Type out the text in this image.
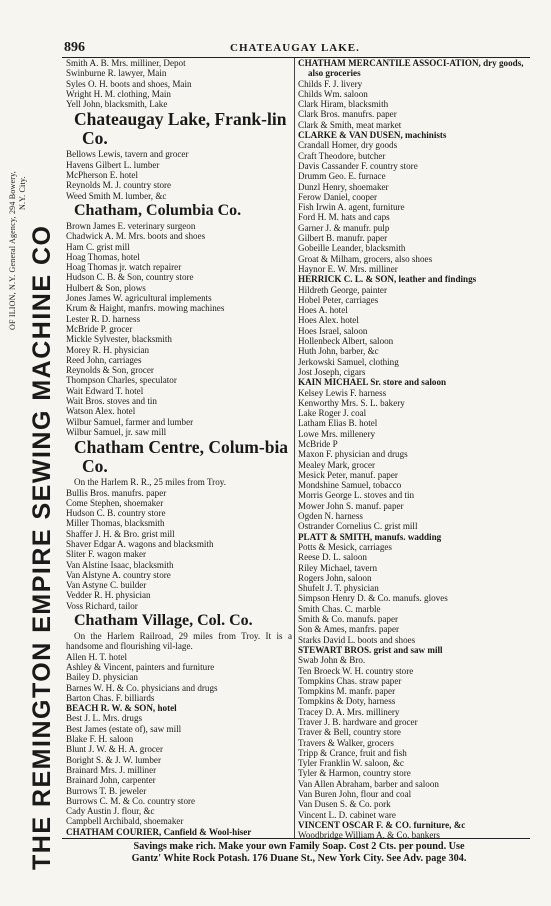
896	CHATEAUGAY LAKE.
THE REMINGTON EMPIRE SEWING MACHINE CO
OF ILION, N.Y. General Agency, 294 Bowery, N.Y. City.
Smith A. B. Mrs. milliner, Depot
Swinburne R. lawyer, Main
Syles O. H. boots and shoes, Main
Wright H. M. clothing, Main
Yell John, blacksmith, Lake
Chateaugay Lake, Frank-lin Co.
Bellows Lewis, tavern and grocer
Havens Gilbert L. lumber
McPherson E. hotel
Reynolds M. J. country store
Weed Smith M. lumber, &c
Chatham, Columbia Co.
Brown James E. veterinary surgeon
Chadwick A. M. Mrs. boots and shoes
Ham C. grist mill
Hoag Thomas, hotel
Hoag Thomas jr. watch repairer
Hudson C. B. & Son, country store
Hulbert & Son, plows
Jones James W. agricultural implements
Krum & Haight, manfrs. mowing machines
Lester R. D. harness
McBride P. grocer
Mickle Sylvester, blacksmith
Morey R. H. physician
Reed John, carriages
Reynolds & Son, grocer
Thompson Charles, speculator
Wait Edward T. hotel
Wait Bros. stoves and tin
Watson Alex. hotel
Wilbur Samuel, farmer and lumber
Wilbur Samuel, jr. saw mill
Chatham Centre, Colum-bia Co.
On the Harlem R. R., 25 miles from Troy.
Bullis Bros. manufrs. paper
Come Stephen, shoemaker
Hudson C. B. country store
Miller Thomas, blacksmith
Shaffer J. H. & Bro. grist mill
Shaver Edgar A. wagons and blacksmith
Sliter F. wagon maker
Van Alstine Isaac, blacksmith
Van Alstyne A. country store
Van Astyne C. builder
Vedder R. H. physician
Voss Richard, tailor
Chatham Village, Col. Co.
On the Harlem Railroad, 29 miles from Troy. It is a handsome and flourishing vil-lage.
Allen H. T. hotel
Ashley & Vincent, painters and furniture
Bailey D. physician
Barnes W. H. & Co. physicians and drugs
Barton Chas. F. billiards
BEACH R. W. & SON, hotel
Best J. L. Mrs. drugs
Best James (estate of), saw mill
Blake F. H. saloon
Blunt J. W. & H. A. grocer
Boright S. & J. W. lumber
Brainard Mrs. J. milliner
Brainard John, carpenter
Burrows T. B. jeweler
Burrows C. M. & Co. country store
Cady Austin J. flour, &c
Campbell Archibald, shoemaker
CHATHAM COURIER, Canfield & Wool-hiser
CHATHAM MERCANTILE ASSOCI-ATION, dry goods, also groceries
Childs F. J. livery
Childs Wm. saloon
Clark Hiram, blacksmith
Clark Bros. manufrs. paper
Clark & Smith, meat market
CLARKE & VAN DUSEN, machinists
Crandall Homer, dry goods
Craft Theodore, butcher
Davis Cassander F. country store
Drumm Geo. E. furnace
Dunzl Henry, shoemaker
Ferow Daniel, cooper
Fish Irwin A. agent, furniture
Ford H. M. hats and caps
Garner J. & manufr. pulp
Gilbert B. manufr. paper
Gobeille Leander, blacksmith
Groat & Milham, grocers, also shoes
Haynor E. W. Mrs. milliner
HERRICK C. L. & SON, leather and findings
Hildreth George, painter
Hobel Peter, carriages
Hoes A. hotel
Hoes Alex. hotel
Hoes Israel, saloon
Hollenbeck Albert, saloon
Huth John, barber, &c
Jerkowski Samuel, clothing
Jost Joseph, cigars
KAIN MICHAEL Sr. store and saloon
Kelsey Lewis F. harness
Kenworthy Mrs. S. L. bakery
Lake Roger J. coal
Latham Elias B. hotel
Lowe Mrs. millenery
McBride P
Maxon F. physician and drugs
Mealey Mark, grocer
Mesick Peter, manuf. paper
Mondshine Samuel, tobacco
Morris George L. stoves and tin
Mower John S. manuf. paper
Ogden N. harness
Ostrander Cornelius C. grist mill
PLATT & SMITH, manufs. wadding
Potts & Mesick, carriages
Reese D. L. saloon
Riley Michael, tavern
Rogers John, saloon
Shufelt J. T. physician
Simpson Henry D. & Co. manufs. gloves
Smith Chas. C. marble
Smith & Co. manufs. paper
Son & Ames, manfrs. paper
Starks David L. boots and shoes
STEWART BROS. grist and saw mill
Swab John & Bro.
Ten Broeck W. H. country store
Tompkins Chas. straw paper
Tompkins M. manfr. paper
Tompkins & Doty, harness
Tracey D. A. Mrs. millinery
Traver J. B. hardware and grocer
Traver & Bell, country store
Travers & Walker, grocers
Tripp & Crance, fruit and fish
Tyler Franklin W. saloon, &c
Tyler & Harmon, country store
Van Allen Abraham, barber and saloon
Van Buren John, flour and coal
Van Dusen S. & Co. pork
Vincent L. D. cabinet ware
VINCENT OSCAR F. & CO. furniture, &c
Woodbridge William A. & Co. bankers
Savings make rich. Make your own Family Soap. Cost 2 Cts. per pound. Use
Gantz' White Rock Potash. 176 Duane St., New York City. See Adv. page 304.
